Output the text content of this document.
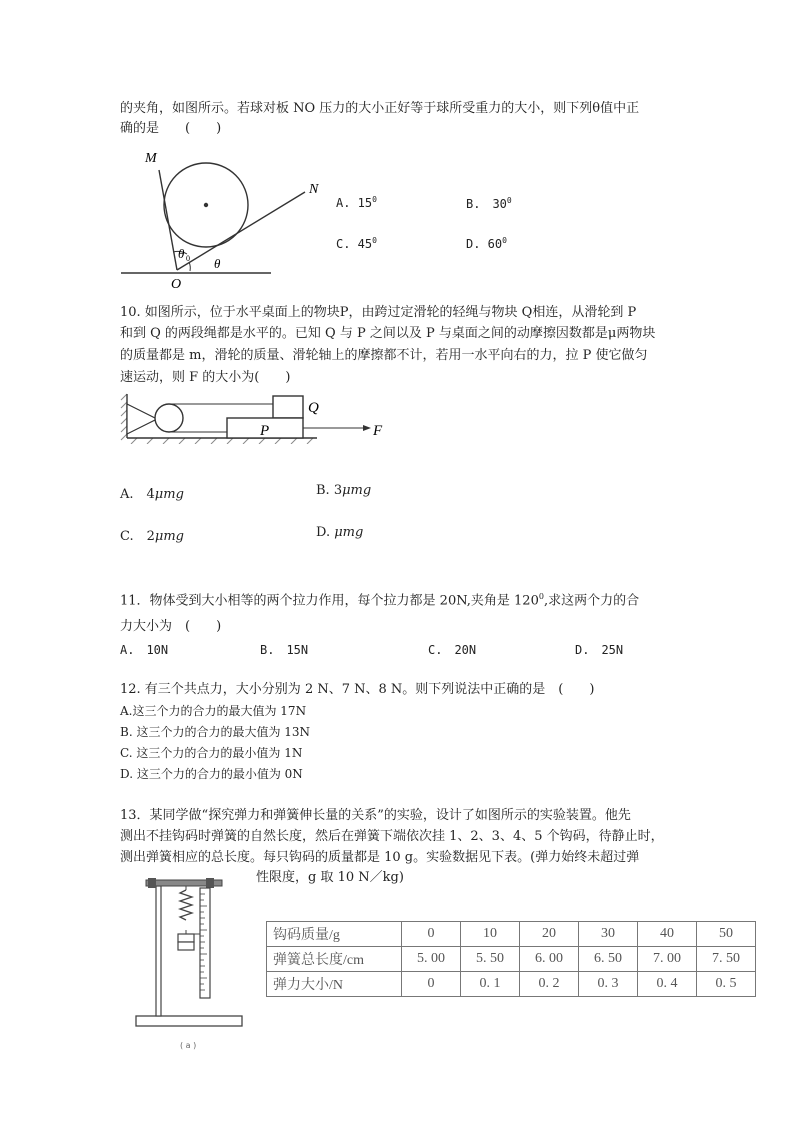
的夹角，如图所示。若球对板 NO 压力的大小正好等于球所受重力的大小，则下列θ值中正
确的是　　(　　)
M
N
O
θ 0 θ
A. $15^0$	B.　$30^0$
C. $45^0$	D. $60^0$
10. 如图所示，位于水平桌面上的物块P，由跨过定滑轮的轻绳与物块 Q相连，从滑轮到 P
和到 Q 的两段绳都是水平的。已知 Q 与 P 之间以及 P 与桌面之间的动摩擦因数都是μ两物块
的质量都是 m，滑轮的质量、滑轮轴上的摩擦都不计，若用一水平向右的力，拉 P 使它做匀
速运动，则 F 的大小为(　　)
Q
P	F
A.　4μmg	B. 3μmg
C.　2μmg	D. μmg
11．物体受到大小相等的两个拉力作用，每个拉力都是 20N,夹角是 $120^0$,求这两个力的合
力大小为　(　　)
A.　10N	B.　15N	C.　20N	D.　25N
12. 有三个共点力，大小分别为 2 N、7 N、8 N。则下列说法中正确的是　(　　)
A.这三个力的合力的最大值为 17N
B. 这三个力的合力的最大值为 13N
C. 这三个力的合力的最小值为 1N
D. 这三个力的合力的最小值为 0N
13．某同学做“探究弹力和弹簧伸长量的关系”的实验，设计了如图所示的实验装置。他先
测出不挂钩码时弹簧的自然长度，然后在弹簧下端依次挂 1、2、3、4、5 个钩码，待静止时，
测出弹簧相应的总长度。每只钩码的质量都是 10 g。实验数据见下表。(弹力始终未超过弹
性限度，g 取 10 N／kg)
( a )
钩码质量/g	0	10	20	30	40	50
弹簧总长度/cm	5. 00	5. 50	6. 00	6. 50	7. 00	7. 50
弹力大小/N	0	0. 1	0. 2	0. 3	0. 4	0. 5
